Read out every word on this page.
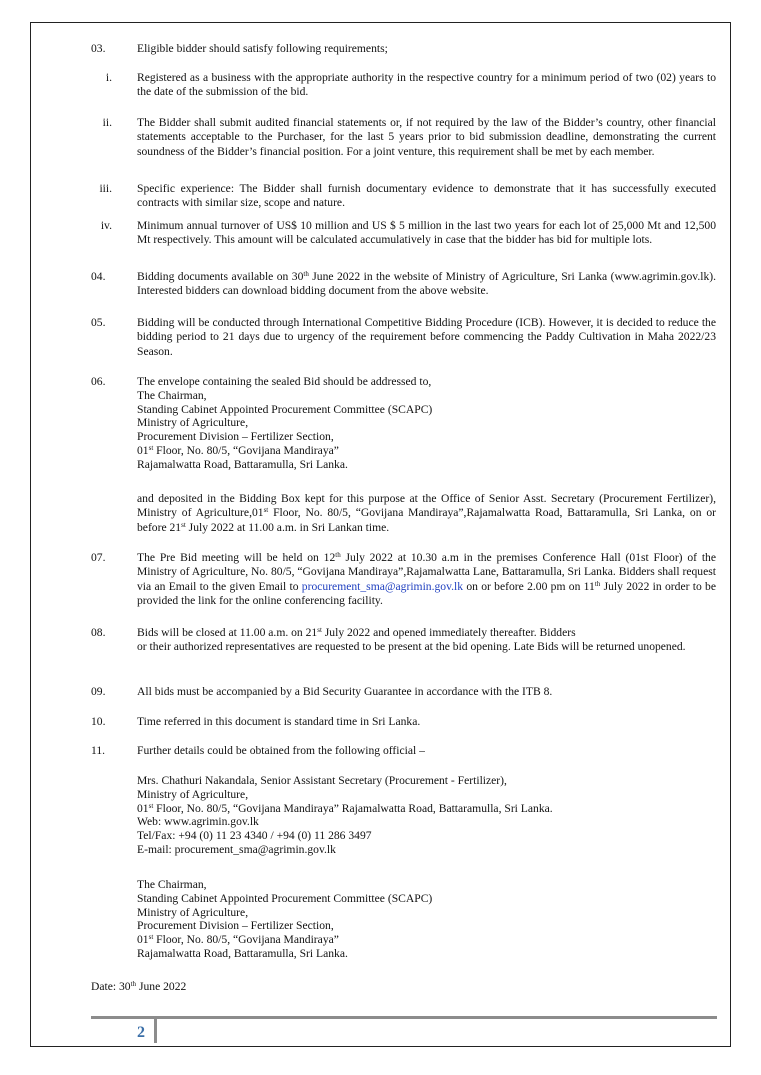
03.	Eligible bidder should satisfy following requirements;
i. Registered as a business with the appropriate authority in the respective country for a minimum period of two (02) years to the date of the submission of the bid.
ii. The Bidder shall submit audited financial statements or, if not required by the law of the Bidder’s country, other financial statements acceptable to the Purchaser, for the last 5 years prior to bid submission deadline, demonstrating the current soundness of the Bidder’s financial position. For a joint venture, this requirement shall be met by each member.
iii. Specific experience: The Bidder shall furnish documentary evidence to demonstrate that it has successfully executed contracts with similar size, scope and nature.
iv. Minimum annual turnover of US$ 10 million and US $ 5 million in the last two years for each lot of 25,000 Mt and 12,500 Mt respectively. This amount will be calculated accumulatively in case that the bidder has bid for multiple lots.
04.	Bidding documents available on 30th June 2022 in the website of Ministry of Agriculture, Sri Lanka (www.agrimin.gov.lk). Interested bidders can download bidding document from the above website.
05.	Bidding will be conducted through International Competitive Bidding Procedure (ICB). However, it is decided to reduce the bidding period to 21 days due to urgency of the requirement before commencing the Paddy Cultivation in Maha 2022/23 Season.
06.	The envelope containing the sealed Bid should be addressed to,
The Chairman,
Standing Cabinet Appointed Procurement Committee (SCAPC)
Ministry of Agriculture,
Procurement Division – Fertilizer Section,
01st Floor, No. 80/5, “Govijana Mandiraya”
Rajamalwatta Road, Battaramulla, Sri Lanka.
and deposited in the Bidding Box kept for this purpose at the Office of Senior Asst. Secretary (Procurement Fertilizer), Ministry of Agriculture,01st Floor, No. 80/5, “Govijana Mandiraya”,Rajamalwatta Road, Battaramulla, Sri Lanka, on or before 21st July 2022 at 11.00 a.m. in Sri Lankan time.
07.	The Pre Bid meeting will be held on 12th July 2022 at 10.30 a.m in the premises Conference Hall (01st Floor) of the Ministry of Agriculture, No. 80/5, “Govijana Mandiraya”,Rajamalwatta Lane, Battaramulla, Sri Lanka. Bidders shall request via an Email to the given Email to procurement_sma@agrimin.gov.lk on or before 2.00 pm on 11th July 2022 in order to be provided the link for the online conferencing facility.
08.	Bids will be closed at 11.00 a.m. on 21st July 2022 and opened immediately thereafter. Bidders
or their authorized representatives are requested to be present at the bid opening. Late Bids will be returned unopened.
09.	All bids must be accompanied by a Bid Security Guarantee in accordance with the ITB 8.
10.	Time referred in this document is standard time in Sri Lanka.
11.	Further details could be obtained from the following official –
Mrs. Chathuri Nakandala, Senior Assistant Secretary (Procurement - Fertilizer),
Ministry of Agriculture,
01st Floor, No. 80/5, “Govijana Mandiraya” Rajamalwatta Road, Battaramulla, Sri Lanka.
Web: www.agrimin.gov.lk
Tel/Fax: +94 (0) 11 23 4340 / +94 (0) 11 286 3497
E-mail: procurement_sma@agrimin.gov.lk
The Chairman,
Standing Cabinet Appointed Procurement Committee (SCAPC)
Ministry of Agriculture,
Procurement Division – Fertilizer Section,
01st Floor, No. 80/5, “Govijana Mandiraya”
Rajamalwatta Road, Battaramulla, Sri Lanka.
Date: 30th June 2022
2
